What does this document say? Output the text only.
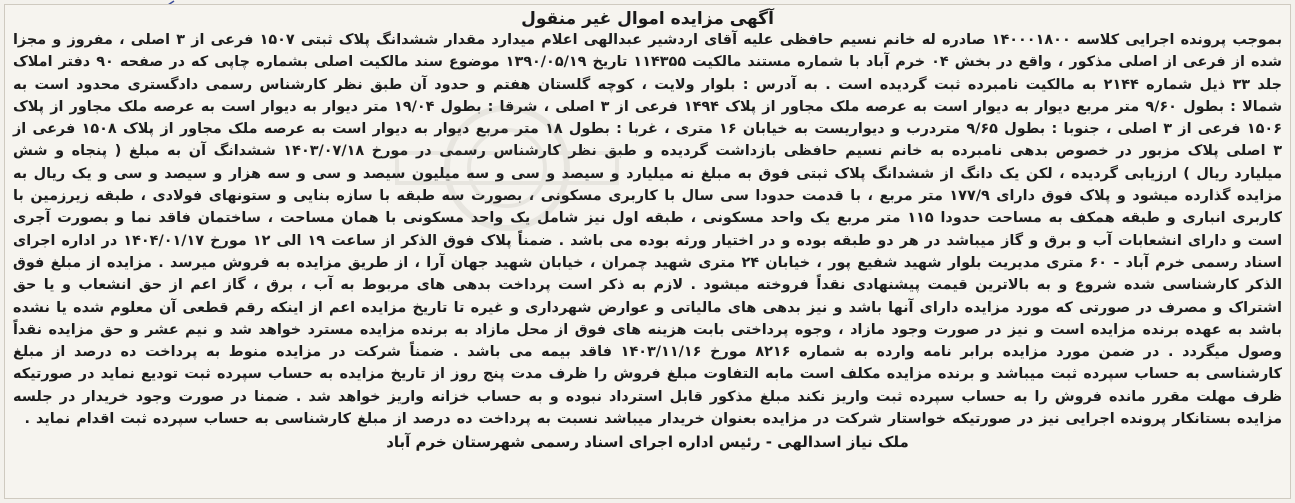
آگهی مزایده اموال غیر منقول
بموجب پرونده اجرایی کلاسه ۱۴۰۰۰۱۸۰۰ صادره له خانم نسیم حافظی علیه آقای اردشیر عبدالهی اعلام میدارد مقدار ششدانگ پلاک ثبتی ۱۵۰۷ فرعی از ۳ اصلی ، مفروز و مجزا شده از فرعی از اصلی مذکور ، واقع در بخش ۰۴ خرم آباد با شماره مستند مالکیت ۱۱۴۳۵۵ تاریخ ۱۳۹۰/۰۵/۱۹ موضوع سند مالکیت اصلی بشماره چاپی که در صفحه ۹۰ دفتر املاک جلد ۳۳ ذیل شماره ۲۱۴۴ به مالکیت نامبرده ثبت گردیده است . به آدرس : بلوار ولایت ، کوچه گلستان هفتم و حدود آن طبق نظر کارشناس رسمی دادگستری محدود است به شمالا : بطول ۹/۶۰ متر مربع دیوار به دیوار است به عرصه ملک مجاور از پلاک ۱۴۹۴ فرعی از ۳ اصلی ، شرقا : بطول ۱۹/۰۴ متر دیوار به دیوار است به عرصه ملک مجاور از پلاک ۱۵۰۶ فرعی از ۳ اصلی ، جنوبا : بطول ۹/۶۵ متردرب و دیواریست به خیابان ۱۶ متری ، غربا : بطول ۱۸ متر مربع دیوار به دیوار است به عرصه ملک مجاور از پلاک ۱۵۰۸ فرعی از ۳ اصلی پلاک مزبور در خصوص بدهی نامبرده به خانم نسیم حافظی بازداشت گردیده و طبق نظر کارشناس رسمی در مورخ ۱۴۰۳/۰۷/۱۸ ششدانگ آن به مبلغ ( پنجاه و شش میلیارد ریال ) ارزیابی گردیده ، لکن یک دانگ از ششدانگ پلاک ثبتی فوق به مبلغ نه میلیارد و سیصد و سی و سه میلیون سیصد و سی و سه هزار و سیصد و سی و یک ریال به مزایده گذارده میشود و پلاک فوق دارای ۱۷۷/۹ متر مربع ، با قدمت حدودا سی سال با کاربری مسکونی ، بصورت سه طبقه با سازه بنایی و ستونهای فولادی ، طبقه زیرزمین با کاربری انباری و طبقه همکف به مساحت حدودا ۱۱۵ متر مربع یک واحد مسکونی ، طبقه اول نیز شامل یک واحد مسکونی با همان مساحت ، ساختمان فاقد نما و بصورت آجری است و دارای انشعابات آب و برق و گاز میباشد در هر دو طبقه بوده و در اختیار ورثه بوده می باشد . ضمناً پلاک فوق الذکر از ساعت ۱۹ الی ۱۲ مورخ ۱۴۰۴/۰۱/۱۷ در اداره اجرای اسناد رسمی خرم آباد - ۶۰ متری مدیریت بلوار شهید شفیع پور ، خیابان ۲۴ متری شهید چمران ، خیابان شهید جهان آرا ، از طریق مزایده به فروش میرسد . مزایده از مبلغ فوق الذکر کارشناسی شده شروع و به بالاترین قیمت پیشنهادی نقداً فروخته میشود . لازم به ذکر است پرداخت بدهی های مربوط به آب ، برق ، گاز اعم از حق انشعاب و یا حق اشتراک و مصرف در صورتی که مورد مزایده دارای آنها باشد و نیز بدهی های مالیاتی و عوارض شهرداری و غیره تا تاریخ مزایده اعم از اینکه رقم قطعی آن معلوم شده یا نشده باشد به عهده برنده مزایده است و نیز در صورت وجود مازاد ، وجوه پرداختی بابت هزینه های فوق از محل مازاد به برنده مزایده مسترد خواهد شد و نیم عشر و حق مزایده نقداً وصول میگردد . در ضمن مورد مزایده برابر نامه وارده به شماره ۸۲۱۶ مورخ ۱۴۰۳/۱۱/۱۶ فاقد بیمه می باشد . ضمناً شرکت در مزایده منوط به پرداخت ده درصد از مبلغ کارشناسی به حساب سپرده ثبت میباشد و برنده مزایده مکلف است مابه التفاوت مبلغ فروش را ظرف مدت پنج روز از تاریخ مزایده به حساب سپرده ثبت تودیع نماید در صورتیکه ظرف مهلت مقرر مانده فروش را به حساب سپرده ثبت واریز نکند مبلغ مذکور قابل استرداد نبوده و به حساب خزانه واریز خواهد شد . ضمنا در صورت وجود خریدار در جلسه مزایده بستانکار پرونده اجرایی نیز در صورتیکه خواستار شرکت در مزایده بعنوان خریدار میباشد نسبت به پرداخت ده درصد از مبلغ کارشناسی به حساب سپرده ثبت اقدام نماید .
ملک نیاز اسدالهی - رئیس اداره اجرای اسناد رسمی شهرستان خرم آباد
